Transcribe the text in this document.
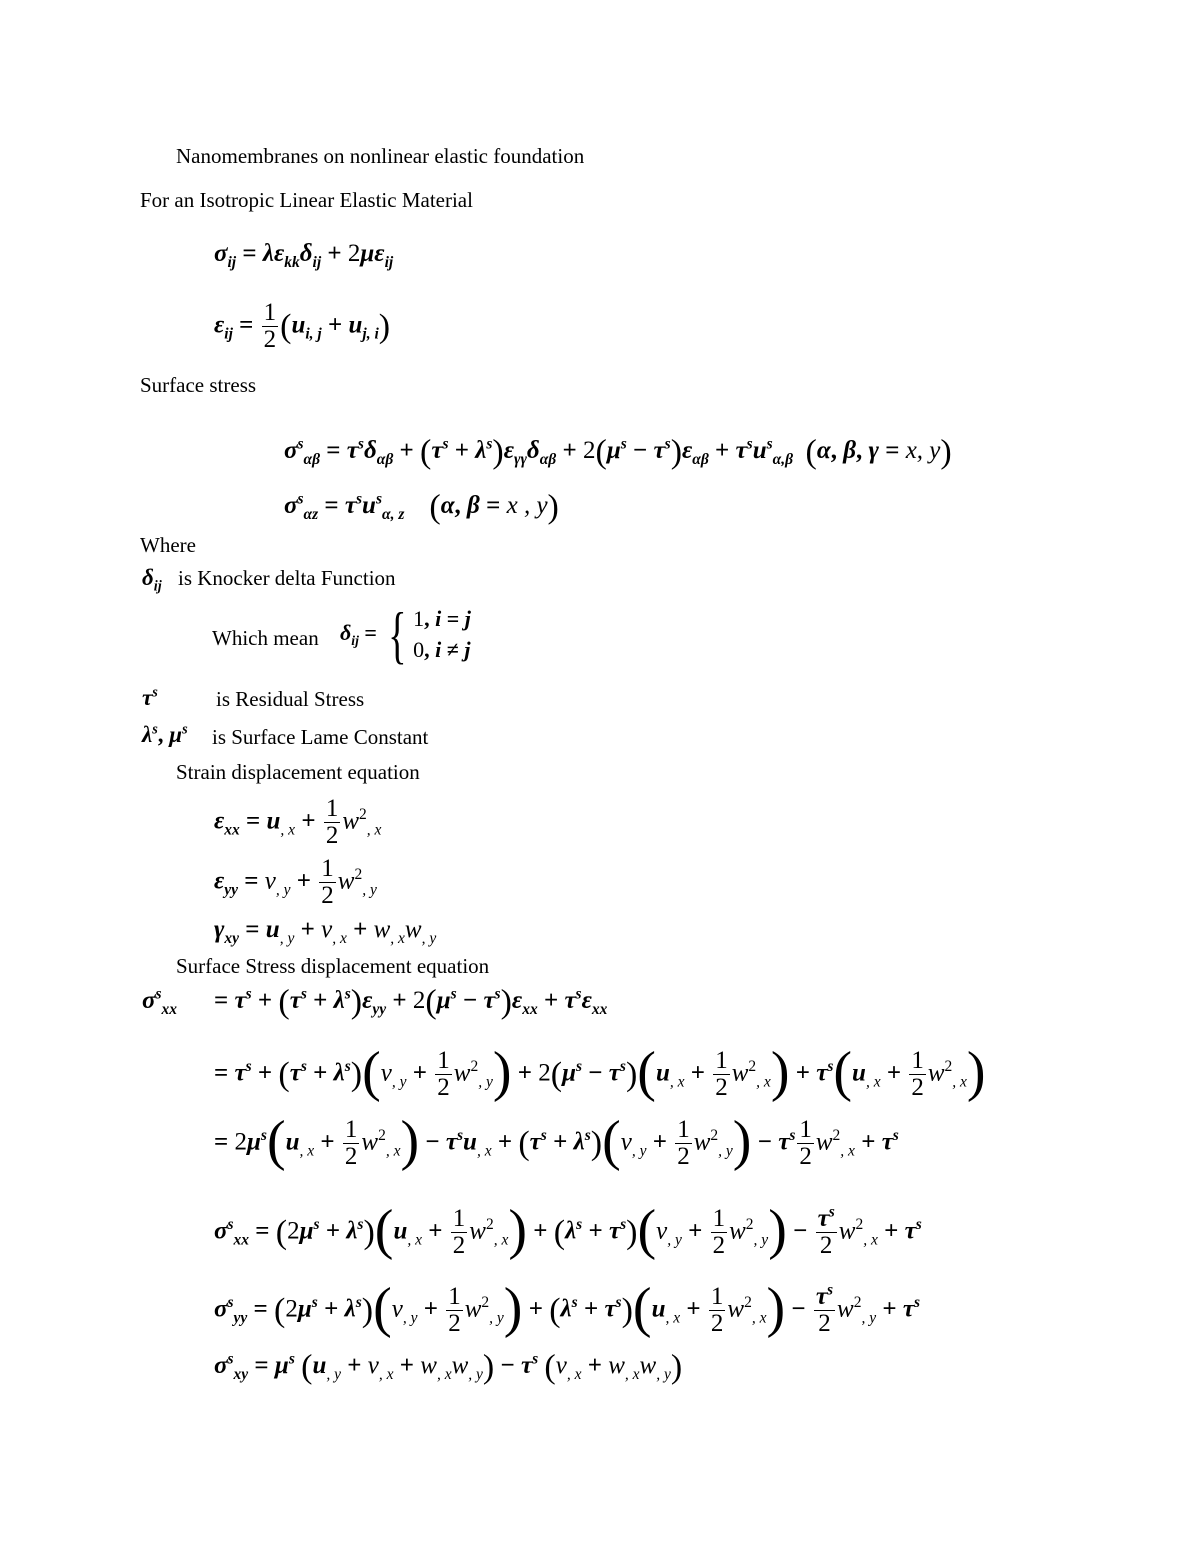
Nanomembranes on nonlinear elastic foundation
For an Isotropic Linear Elastic Material
$\sigma_{ij} = \lambda\varepsilon_{kk}\delta_{ij} + 2\mu\varepsilon_{ij}$
$\varepsilon_{ij} = \frac{1}{2} (u_{i, j} + u_{j, i})$
Surface stress
$\sigma^s_{\alpha\beta} = \tau^s\delta_{\alpha\beta} + (\tau^s + \lambda^s)\varepsilon_{\gamma\gamma}\delta_{\alpha\beta} + 2(\mu^s - \tau^s)\varepsilon_{\alpha\beta} + \tau^su^s_{\alpha,\beta}$ (α, β, γ = x, y)
$\sigma^s_{\alpha z} = \tau^su^s_{\alpha, z}$ (α, β = x , y)
Where
$\delta_{ij}$ is Knocker delta Function
Which mean $\delta_{ij}$ = { 1, i = j
0, i ≠ j
$\tau^s$	is Residual Stress
$\lambda^s$, $\mu^s$ is Surface Lame Constant
Strain displacement equation
$\varepsilon_{xx} = u_{, x} + \frac{1}{2} w^2_{, x}$
$\varepsilon_{yy} = v_{, y} + \frac{1}{2} w^2_{, y}$
$\gamma_{xy} = u_{, y} + v_{, x} + w_{, x}w_{, y}$
Surface Stress displacement equation
$\sigma^s_{xx} = \tau^s + (\tau^s + \lambda^s)\varepsilon_{yy} + 2(\mu^s - \tau^s)\varepsilon_{xx} + \tau^s\varepsilon_{xx}$
= $\tau^s + (\tau^s + \lambda^s)(v_{, y} + \frac{1}{2} w^2_{, y}) + 2(\mu^s - \tau^s)(u_{, x} + \frac{1}{2} w^2_{, x}) + \tau^s(u_{, x} + \frac{1}{2} w^2_{, x})$
= $2\mu^s(u_{, x} + \frac{1}{2} w^2_{, x}) - \tau^su_{, x} + (\tau^s + \lambda^s)(v_{, y} + \frac{1}{2} w^2_{, y}) - \tau^s \frac{1}{2} w^2_{, x} + \tau^s$
$\sigma^s_{xx} = (2\mu^s + \lambda^s)(u_{, x} + \frac{1}{2} w^2_{, x}) + (\lambda^s + \tau^s)(v_{, y} + \frac{1}{2} w^2_{, y}) - \frac{\tau^s}{2} w^2_{, x} + \tau^s$
$\sigma^s_{yy} = (2\mu^s + \lambda^s)(v_{, y} + \frac{1}{2} w^2_{, y}) + (\lambda^s + \tau^s)(u_{, x} + \frac{1}{2} w^2_{, x}) - \frac{\tau^s}{2} w^2_{, y} + \tau^s$
$\sigma^s_{xy} = \mu^s$ $(u_{, y} + v_{, x} + w_{, x}w_{, y}) - \tau^s$ $(v_{, x} + w_{, x}w_{, y})$
